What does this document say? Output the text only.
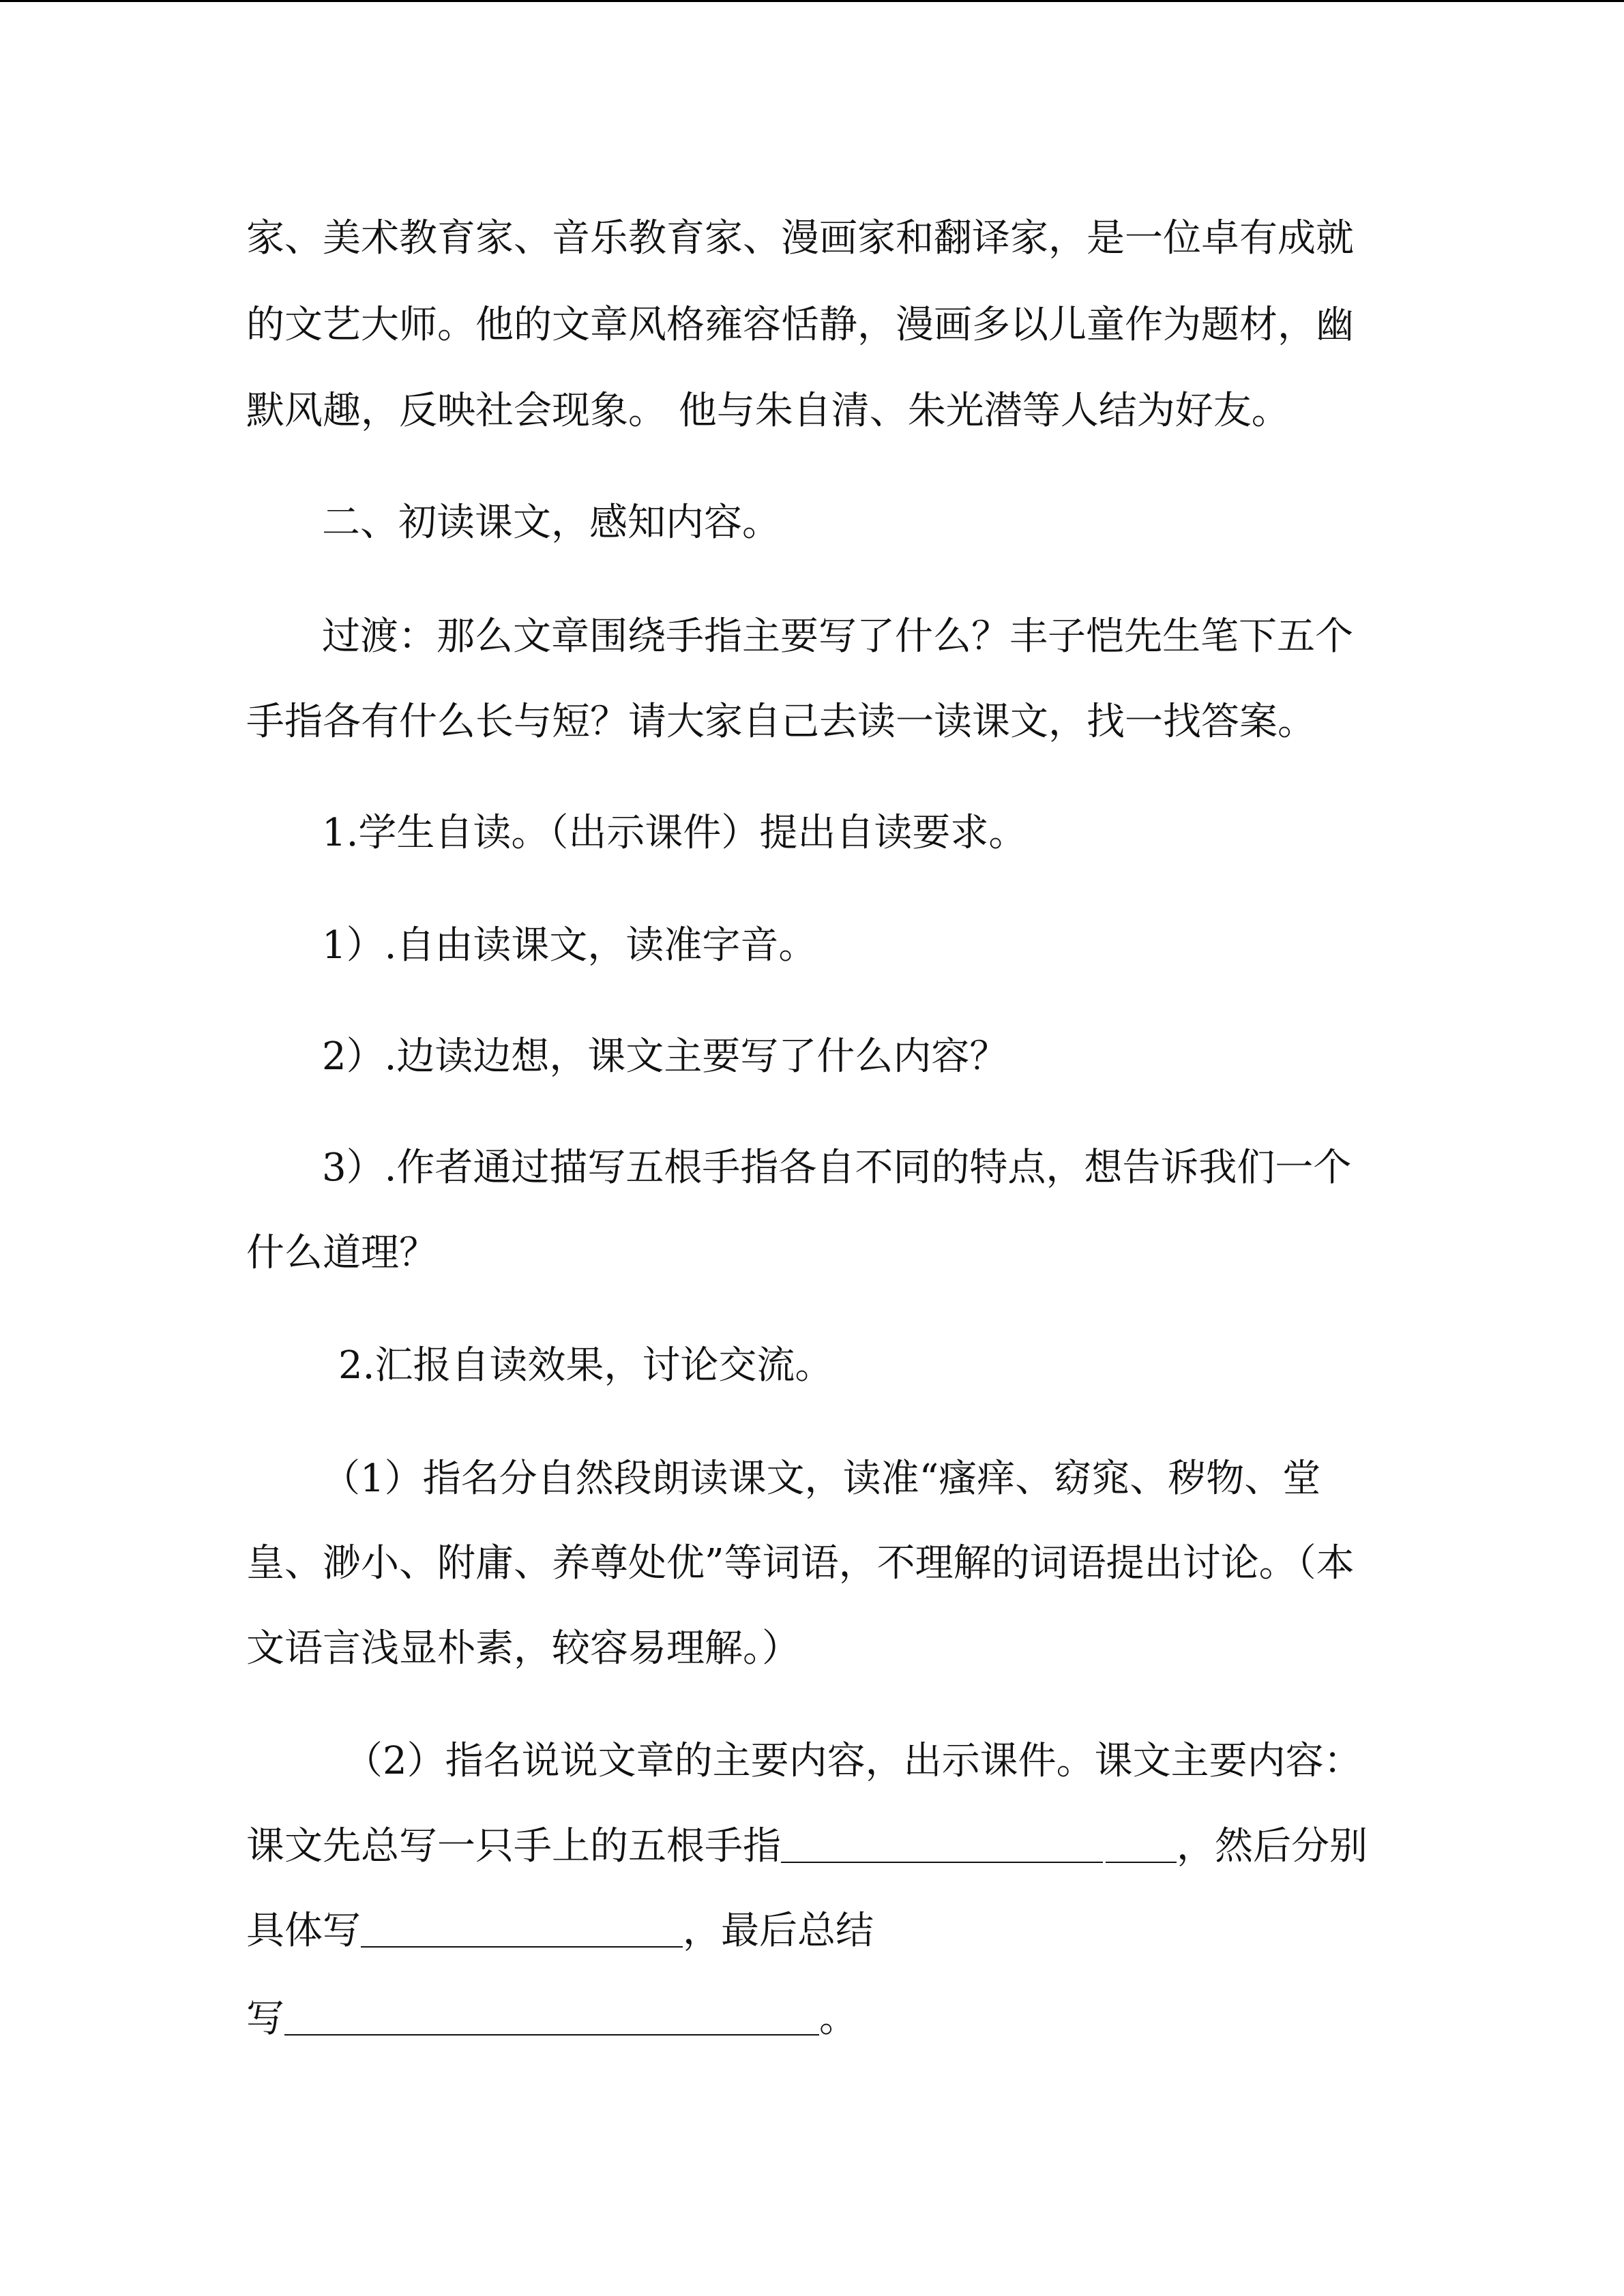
家、美术教育家、音乐教育家、漫画家和翻译家，是一位卓有成就
的文艺大师。他的文章风格雍容恬静，漫画多以儿童作为题材，幽
默风趣，反映社会现象。 他与朱自清、朱光潜等人结为好友。
二、初读课文，感知内容。
过渡：那么文章围绕手指主要写了什么？丰子恺先生笔下五个
手指各有什么长与短？请大家自己去读一读课文，找一找答案。
1.学生自读。（出示课件）提出自读要求。
1）.自由读课文，读准字音。
2）.边读边想，课文主要写了什么内容？
3）.作者通过描写五根手指各自不同的特点，想告诉我们一个
什么道理？
2.汇报自读效果，讨论交流。
（1）指名分自然段朗读课文，读准“瘙痒、窈窕、秽物、堂
皇、渺小、附庸、养尊处优”等词语，不理解的词语提出讨论。（本
文语言浅显朴素，较容易理解。）
（2）指名说说文章的主要内容，出示课件。课文主要内容：
课文先总写一只手上的五根手指	，然后分别
具体写	，最后总结
写	。
